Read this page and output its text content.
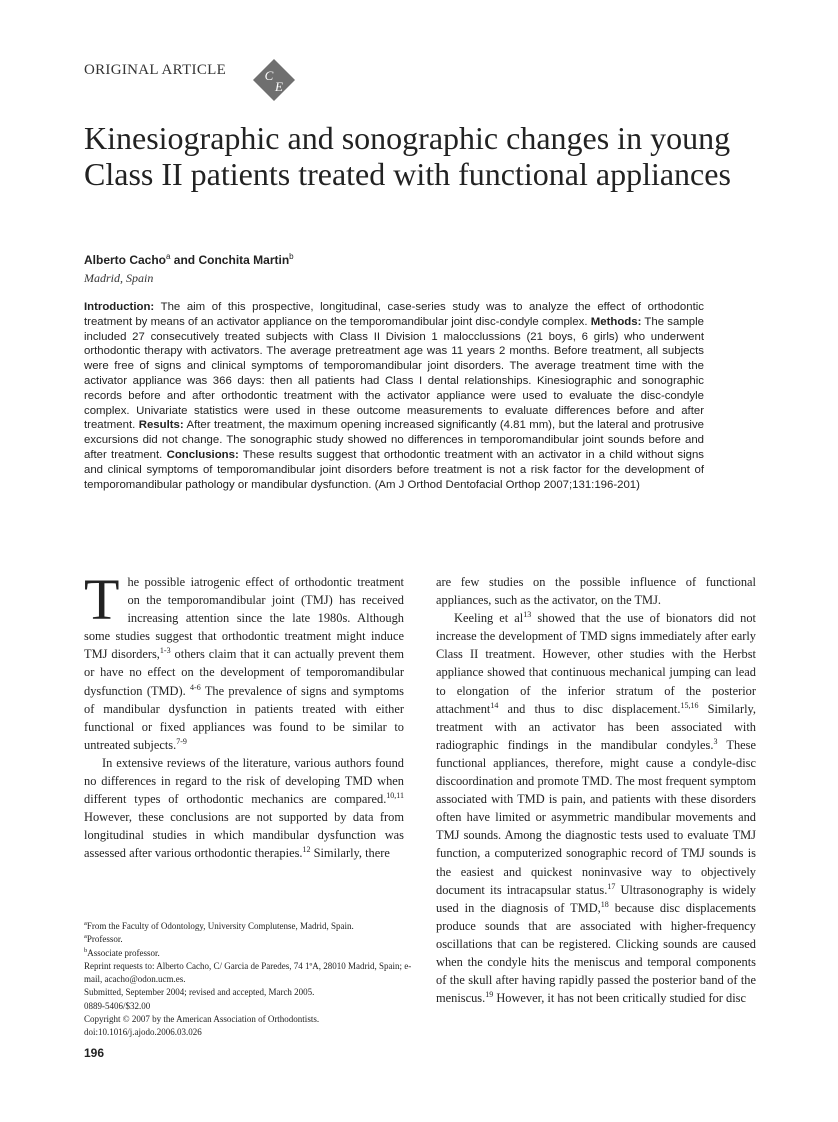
ORIGINAL ARTICLE	CE
Kinesiographic and sonographic changes in young Class II patients treated with functional appliances
Alberto Cacho$^a$ and Conchita Martin$^b$
Madrid, Spain

Introduction: The aim of this prospective, longitudinal, case-series study was to analyze the effect of orthodontic treatment by means of an activator appliance on the temporomandibular joint disc-condyle complex. Methods: The sample included 27 consecutively treated subjects with Class II Division 1 malocclussions (21 boys, 6 girls) who underwent orthodontic therapy with activators. The average pretreatment age was 11 years 2 months. Before treatment, all subjects were free of signs and clinical symptoms of temporomandibular joint disorders. The average treatment time with the activator appliance was 366 days: then all patients had Class I dental relationships. Kinesiographic and sonographic records before and after orthodontic treatment with the activator appliance were used to evaluate the disc-condyle complex. Univariate statistics were used in these outcome measurements to evaluate differences before and after treatment. Results: After treatment, the maximum opening increased significantly (4.81 mm), but the lateral and protrusive excursions did not change. The sonographic study showed no differences in temporomandibular joint sounds before and after treatment. Conclusions: These results suggest that orthodontic treatment with an activator in a child without signs and clinical symptoms of temporomandibular joint disorders before treatment is not a risk factor for the development of temporomandibular pathology or mandibular dysfunction. (Am J Orthod Dentofacial Orthop 2007;131:196-201)

The possible iatrogenic effect of orthodontic treatment on the temporomandibular joint (TMJ) has received increasing attention since the late 1980s. Although some studies suggest that orthodontic treatment might induce TMJ disorders,$^{1-3}$ others claim that it can actually prevent them or have no effect on the development of temporomandibular dysfunction (TMD). $^{4-6}$ The prevalence of signs and symptoms of mandibular dysfunction in patients treated with either functional or fixed appliances was found to be similar to untreated subjects.$^{7-9}$

In extensive reviews of the literature, various authors found no differences in regard to the risk of developing TMD when different types of orthodontic mechanics are compared.$^{10,11}$ However, these conclusions are not supported by data from longitudinal studies in which mandibular dysfunction was assessed after various orthodontic therapies.$^{12}$ Similarly, there

are few studies on the possible influence of functional appliances, such as the activator, on the TMJ.

Keeling et al$^{13}$ showed that the use of bionators did not increase the development of TMD signs immediately after early Class II treatment. However, other studies with the Herbst appliance showed that continuous mechanical jumping can lead to elongation of the inferior stratum of the posterior attachment$^{14}$ and thus to disc displacement.$^{15,16}$ Similarly, treatment with an activator has been associated with radiographic findings in the mandibular condyles.$^3$ These functional appliances, therefore, might cause a condyle-disc discoordination and promote TMD. The most frequent symptom associated with TMD is pain, and patients with these disorders often have limited or asymmetric mandibular movements and TMJ sounds. Among the diagnostic tests used to evaluate TMJ function, a computerized sonographic record of TMJ sounds is the easiest and quickest noninvasive way to objectively document its intracapsular status.$^{17}$ Ultrasonography is widely used in the diagnosis of TMD,$^{18}$ because disc displacements produce sounds that are associated with higher-frequency oscillations that can be registered. Clicking sounds are caused when the condyle hits the meniscus and temporal components of the skull after having rapidly passed the posterior band of the meniscus.$^{19}$ However, it has not been critically studied for disc

$^a$From the Faculty of Odontology, University Complutense, Madrid, Spain.
$^a$Professor.
$^b$Associate professor.
Reprint requests to: Alberto Cacho, C/ Garcia de Paredes, 74 1ºA, 28010 Madrid, Spain; e-mail, acacho@odon.ucm.es.
Submitted, September 2004; revised and accepted, March 2005.
0889-5406/$32.00
Copyright © 2007 by the American Association of Orthodontists.
doi:10.1016/j.ajodo.2006.03.026
196
